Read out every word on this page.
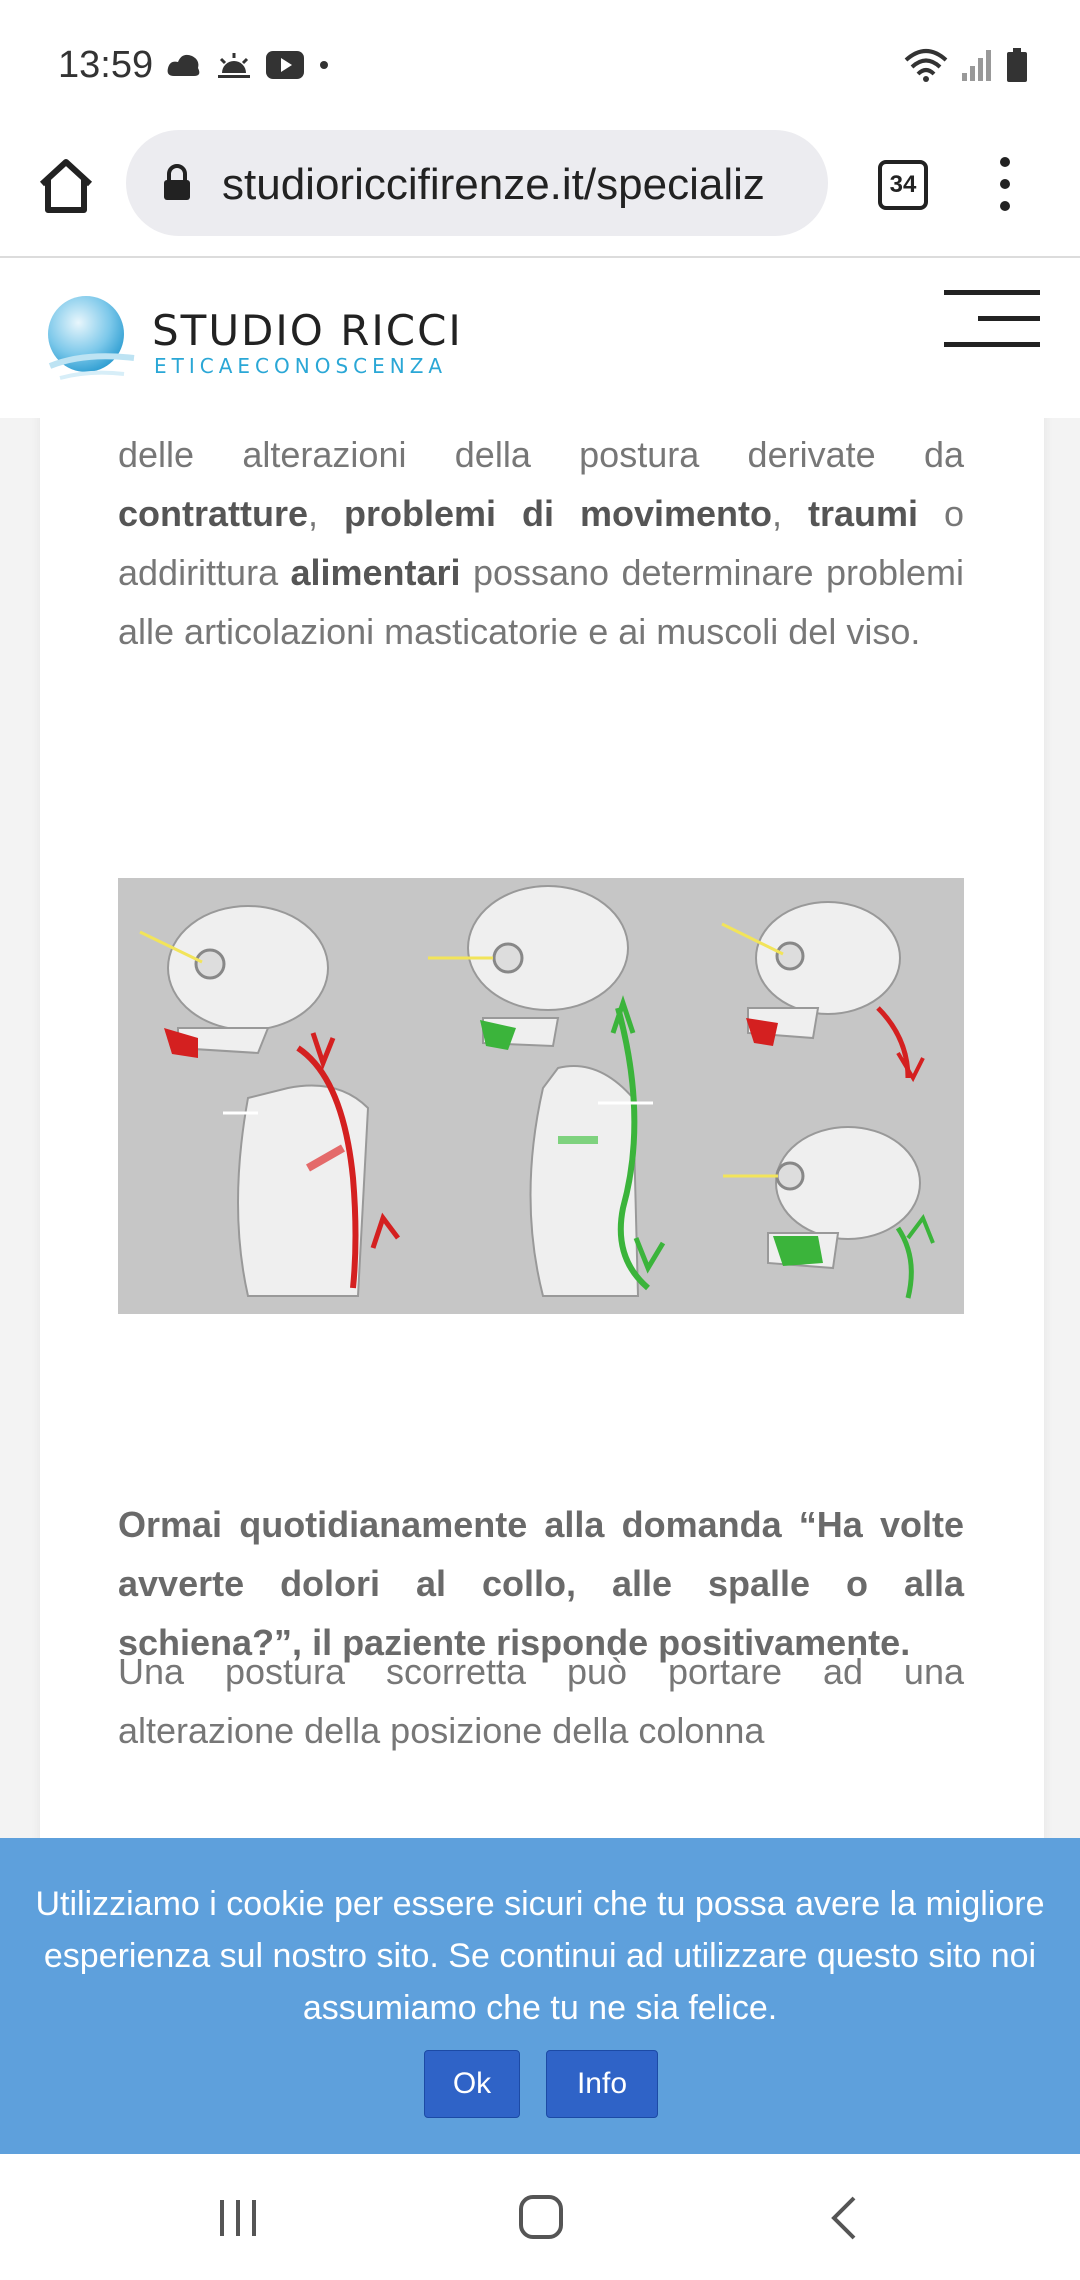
13:59
studioriccifirenze.it/specializ	34
STUDIO RICCI
ETICAECONOSCENZA

delle alterazioni della postura derivate da contratture, problemi di movimento, traumi o addirittura alimentari possano determinare problemi alle articolazioni masticatorie e ai muscoli del viso.

Ormai quotidianamente alla domanda “Ha volte avverte dolori al collo, alle spalle o alla schiena?”, il paziente risponde positivamente.

Una postura scorretta può portare ad una alterazione della posizione della colonna

Utilizziamo i cookie per essere sicuri che tu possa avere la migliore esperienza sul nostro sito. Se continui ad utilizzare questo sito noi assumiamo che tu ne sia felice.
Ok	Info
